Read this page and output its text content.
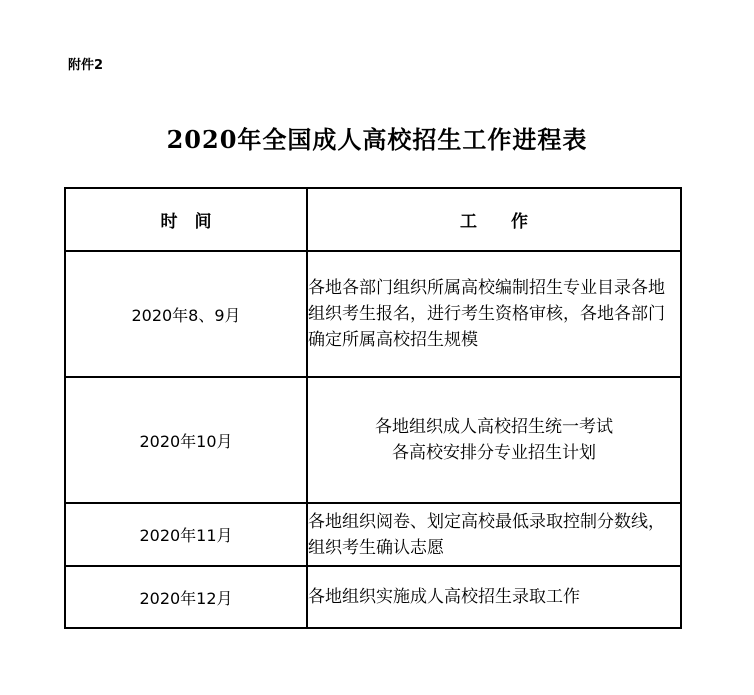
附件2
2020年全国成人高校招生工作进程表
时　间	工　　作
2020年8、9月	各地各部门组织所属高校编制招生专业目录各地组织考生报名，进行考生资格审核，各地各部门确定所属高校招生规模

2020年10月	各地组织成人高校招生统一考试
各高校安排分专业招生计划

2020年11月	各地组织阅卷、划定高校最低录取控制分数线，组织考生确认志愿

2020年12月	各地组织实施成人高校招生录取工作
